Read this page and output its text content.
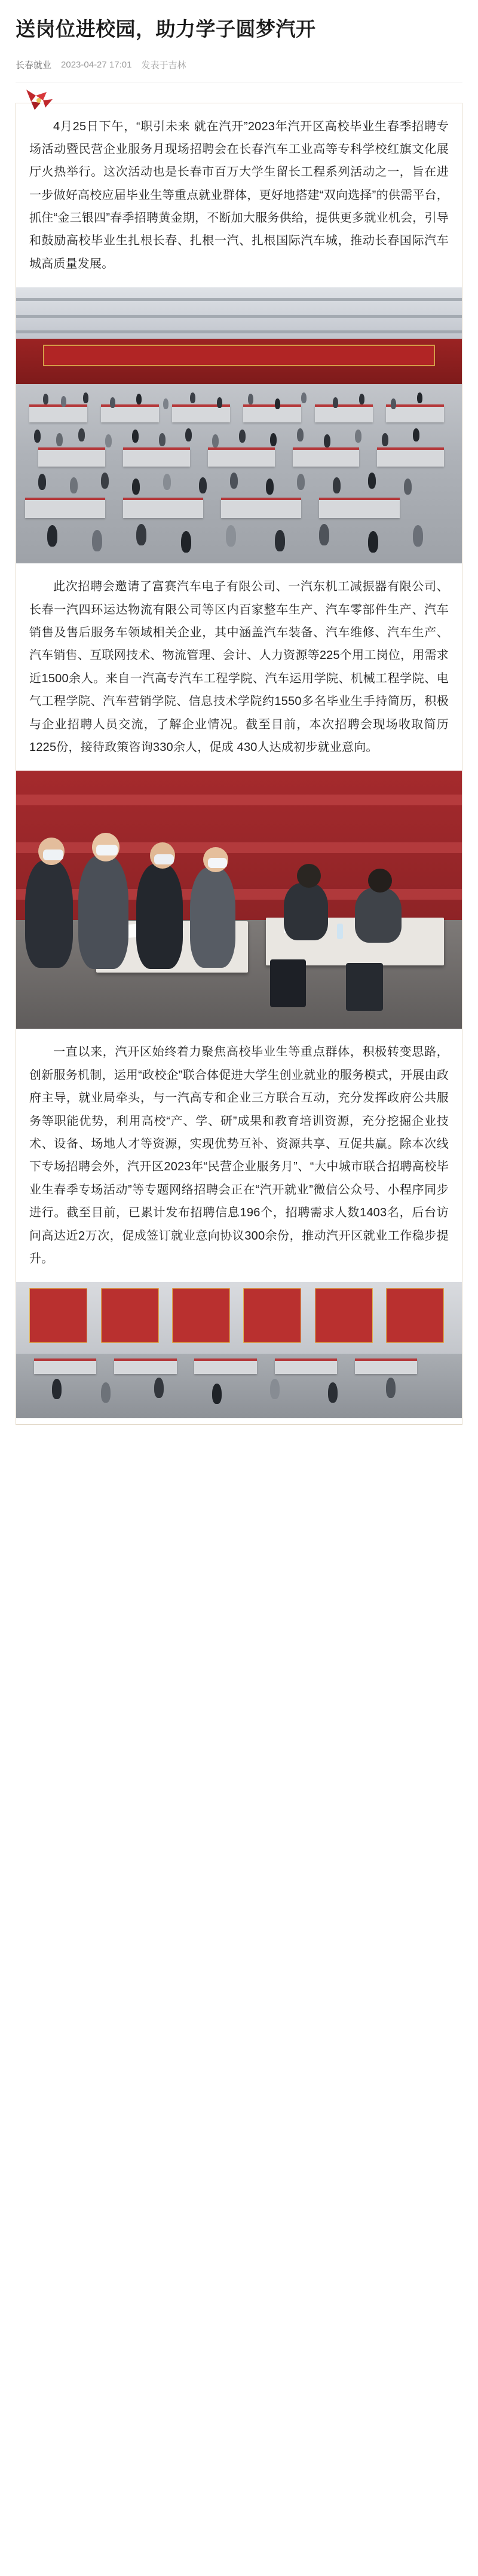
送岗位进校园，助力学子圆梦汽开
长春就业 2023-04-27 17:01 发表于吉林

4月25日下午，“职引未来 就在汽开”2023年汽开区高校毕业生春季招聘专场活动暨民营企业服务月现场招聘会在长春汽车工业高等专科学校红旗文化展厅火热举行。这次活动也是长春市百万大学生留长工程系列活动之一，旨在进一步做好高校应届毕业生等重点就业群体，更好地搭建“双向选择”的供需平台，抓住“金三银四”春季招聘黄金期，不断加大服务供给，提供更多就业机会，引导和鼓励高校毕业生扎根长春、扎根一汽、扎根国际汽车城，推动长春国际汽车城高质量发展。

此次招聘会邀请了富赛汽车电子有限公司、一汽东机工减振器有限公司、长春一汽四环运达物流有限公司等区内百家整车生产、汽车零部件生产、汽车销售及售后服务车领域相关企业，其中涵盖汽车装备、汽车维修、汽车生产、汽车销售、互联网技术、物流管理、会计、人力资源等225个用工岗位，用需求近1500余人。来自一汽高专汽车工程学院、汽车运用学院、机械工程学院、电气工程学院、汽车营销学院、信息技术学院约1550多名毕业生手持简历，积极与企业招聘人员交流，了解企业情况。截至目前，本次招聘会现场收取简历1225份，接待政策咨询330余人，促成 430人达成初步就业意向。

一直以来，汽开区始终着力聚焦高校毕业生等重点群体，积极转变思路，创新服务机制，运用“政校企”联合体促进大学生创业就业的服务模式，开展由政府主导，就业局牵头，与一汽高专和企业三方联合互动，充分发挥政府公共服务等职能优势，利用高校“产、学、研”成果和教育培训资源，充分挖掘企业技术、设备、场地人才等资源，实现优势互补、资源共享、互促共赢。除本次线下专场招聘会外，汽开区2023年“民营企业服务月”、“大中城市联合招聘高校毕业生春季专场活动”等专题网络招聘会正在“汽开就业”微信公众号、小程序同步进行。截至目前，已累计发布招聘信息196个，招聘需求人数1403名，后台访问高达近2万次，促成签订就业意向协议300余份，推动汽开区就业工作稳步提升。
